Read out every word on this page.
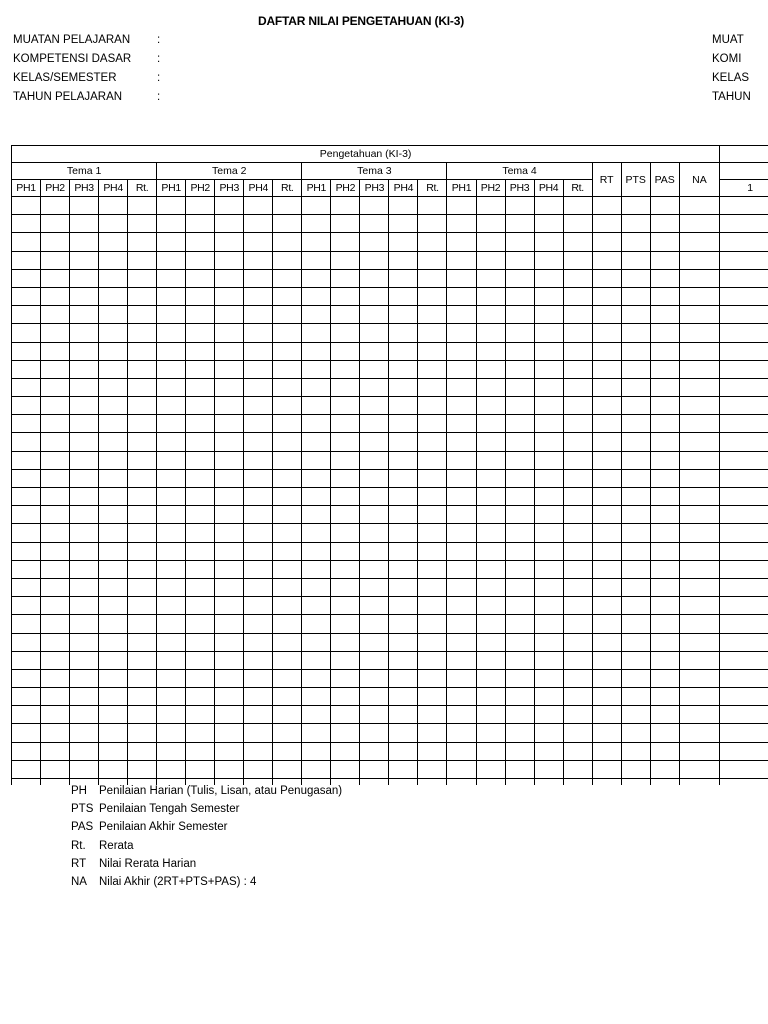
DAFTAR NILAI PENGETAHUAN (KI-3)
MUATAN PELAJARAN :
KOMPETENSI DASAR :
KELAS/SEMESTER	:
TAHUN PELAJARAN	:
MUAT
KOMI
KELAS
TAHUN
Pengetahuan (KI-3)																								
Tema 1					Tema 2					Tema 3					Tema 4					RT	PTS	PAS	NA	
PH1	PH2	PH3	PH4	Rt.	PH1	PH2	PH3	PH4	Rt.	PH1	PH2	PH3	PH4	Rt.	PH1	PH2	PH3	PH4	Rt.					1

PH Penilaian Harian (Tulis, Lisan, atau Penugasan)
PTS Penilaian Tengah Semester
PAS Penilaian Akhir Semester
Rt. Rerata
RT Nilai Rerata Harian
NA Nilai Akhir (2RT+PTS+PAS) : 4
